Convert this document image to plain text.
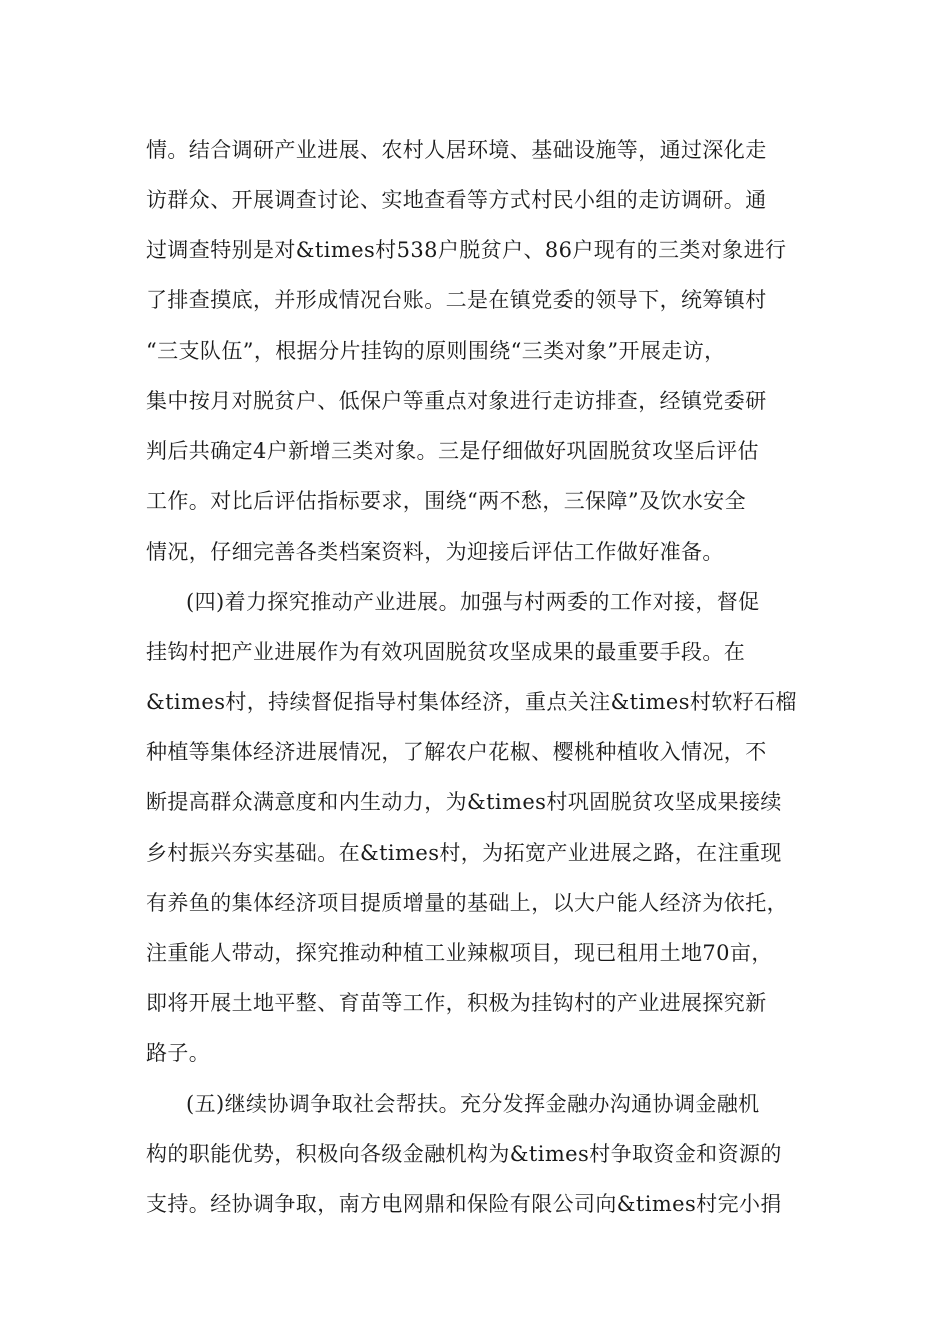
情。结合调研产业进展、农村人居环境、基础设施等，通过深化走
访群众、开展调查讨论、实地查看等方式村民小组的走访调研。通
过调查特别是对&times村538户脱贫户、86户现有的三类对象进行
了排查摸底，并形成情况台账。二是在镇党委的领导下，统筹镇村
“三支队伍”，根据分片挂钩的原则围绕“三类对象”开展走访，
集中按月对脱贫户、低保户等重点对象进行走访排查，经镇党委研
判后共确定4户新增三类对象。三是仔细做好巩固脱贫攻坚后评估
工作。对比后评估指标要求，围绕“两不愁，三保障”及饮水安全
情况，仔细完善各类档案资料，为迎接后评估工作做好准备。
(四)着力探究推动产业进展。加强与村两委的工作对接，督促
挂钩村把产业进展作为有效巩固脱贫攻坚成果的最重要手段。在
&times村，持续督促指导村集体经济，重点关注&times村软籽石榴
种植等集体经济进展情况，了解农户花椒、樱桃种植收入情况，不
断提高群众满意度和内生动力，为&times村巩固脱贫攻坚成果接续
乡村振兴夯实基础。在&times村，为拓宽产业进展之路，在注重现
有养鱼的集体经济项目提质增量的基础上，以大户能人经济为依托，
注重能人带动，探究推动种植工业辣椒项目，现已租用土地70亩，
即将开展土地平整、育苗等工作，积极为挂钩村的产业进展探究新
路子。
(五)继续协调争取社会帮扶。充分发挥金融办沟通协调金融机
构的职能优势，积极向各级金融机构为&times村争取资金和资源的
支持。经协调争取，南方电网鼎和保险有限公司向&times村完小捐
